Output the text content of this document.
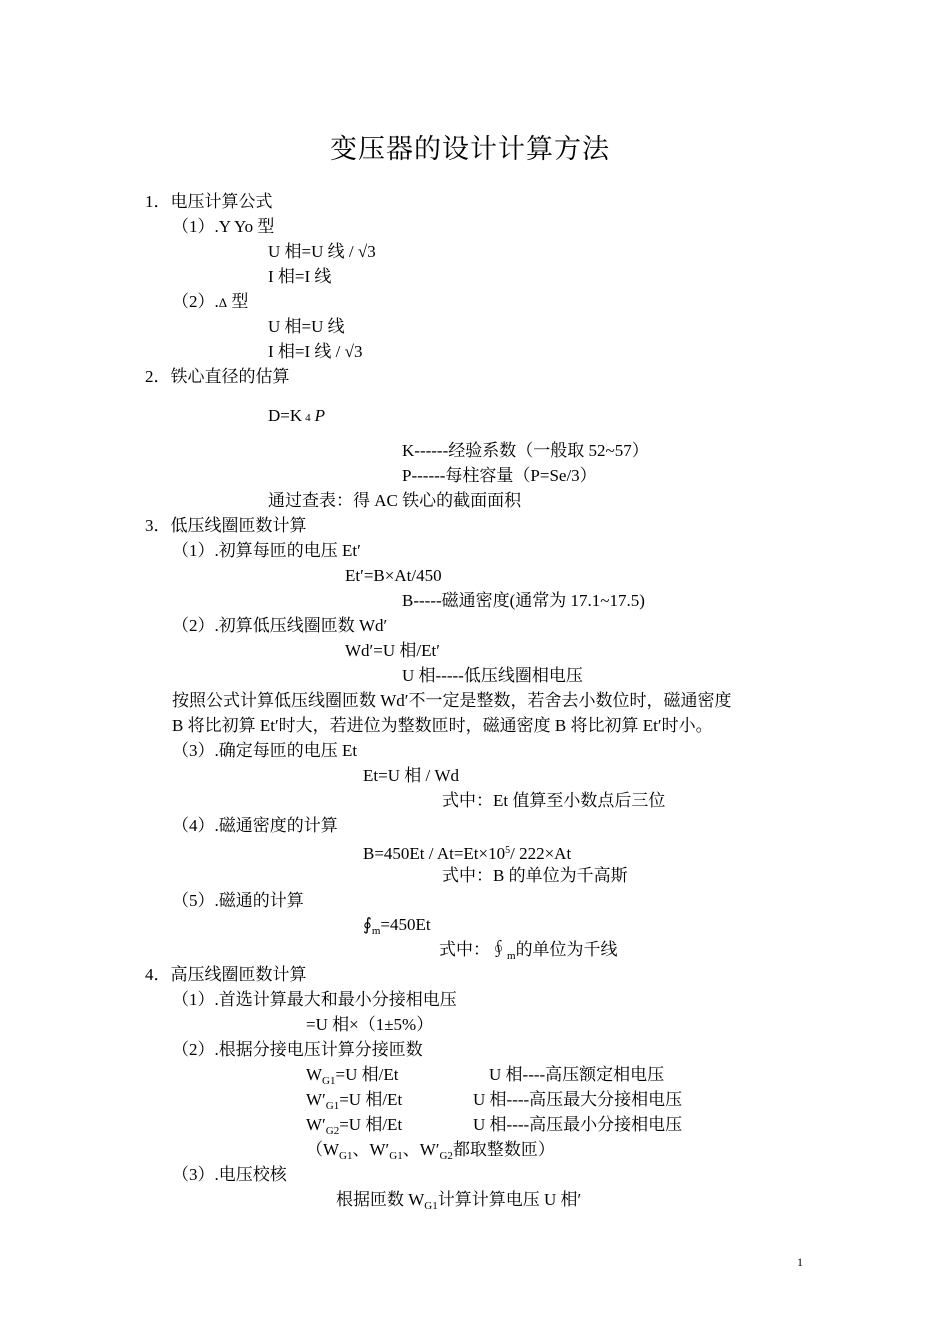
变压器的设计计算方法
1．电压计算公式
（1）.Y Yo 型
U 相=U 线 / √3
I 相=I 线
（2）.Δ 型
U 相=U 线
I 相=I 线 / √3
2．铁心直径的估算
D=K 4 P
K------经验系数（一般取 52~57）
P------每柱容量（P=Se/3）
通过查表：得 AC 铁心的截面面积
3．低压线圈匝数计算
（1）.初算每匝的电压 Et′
Et′=B×At/450
B-----磁通密度(通常为 17.1~17.5)
（2）.初算低压线圈匝数 Wd′
Wd′=U 相/Et′
U 相-----低压线圈相电压
按照公式计算低压线圈匝数 Wd′不一定是整数，若舍去小数位时，磁通密度
B 将比初算 Et′时大，若进位为整数匝时，磁通密度 B 将比初算 Et′时小。
（3）.确定每匝的电压 Et
Et=U 相 / Wd
式中：Et 值算至小数点后三位
（4）.磁通密度的计算
$B=450Et / At=Et\times 10^5/$ 222×At
式中：B 的单位为千高斯
（5）.磁通的计算
$∮_m=450Et$
式中：$∮_m$的单位为千线
4．高压线圈匝数计算
（1）.首选计算最大和最小分接相电压
=U 相×（1±5%）
（2）.根据分接电压计算分接匝数
$W_{G1}=U$ 相/Et	U 相----高压额定相电压
$W'_{G1}=U$ 相/Et	U 相----高压最大分接相电压
$W'_{G2}=U$ 相/Et	U 相----高压最小分接相电压
（$W_{G1}$、$W'_{G1}$、$W'_{G2}$都取整数匝）
（3）.电压校核
根据匝数 $W_{G1}$计算计算电压 U 相′
1
